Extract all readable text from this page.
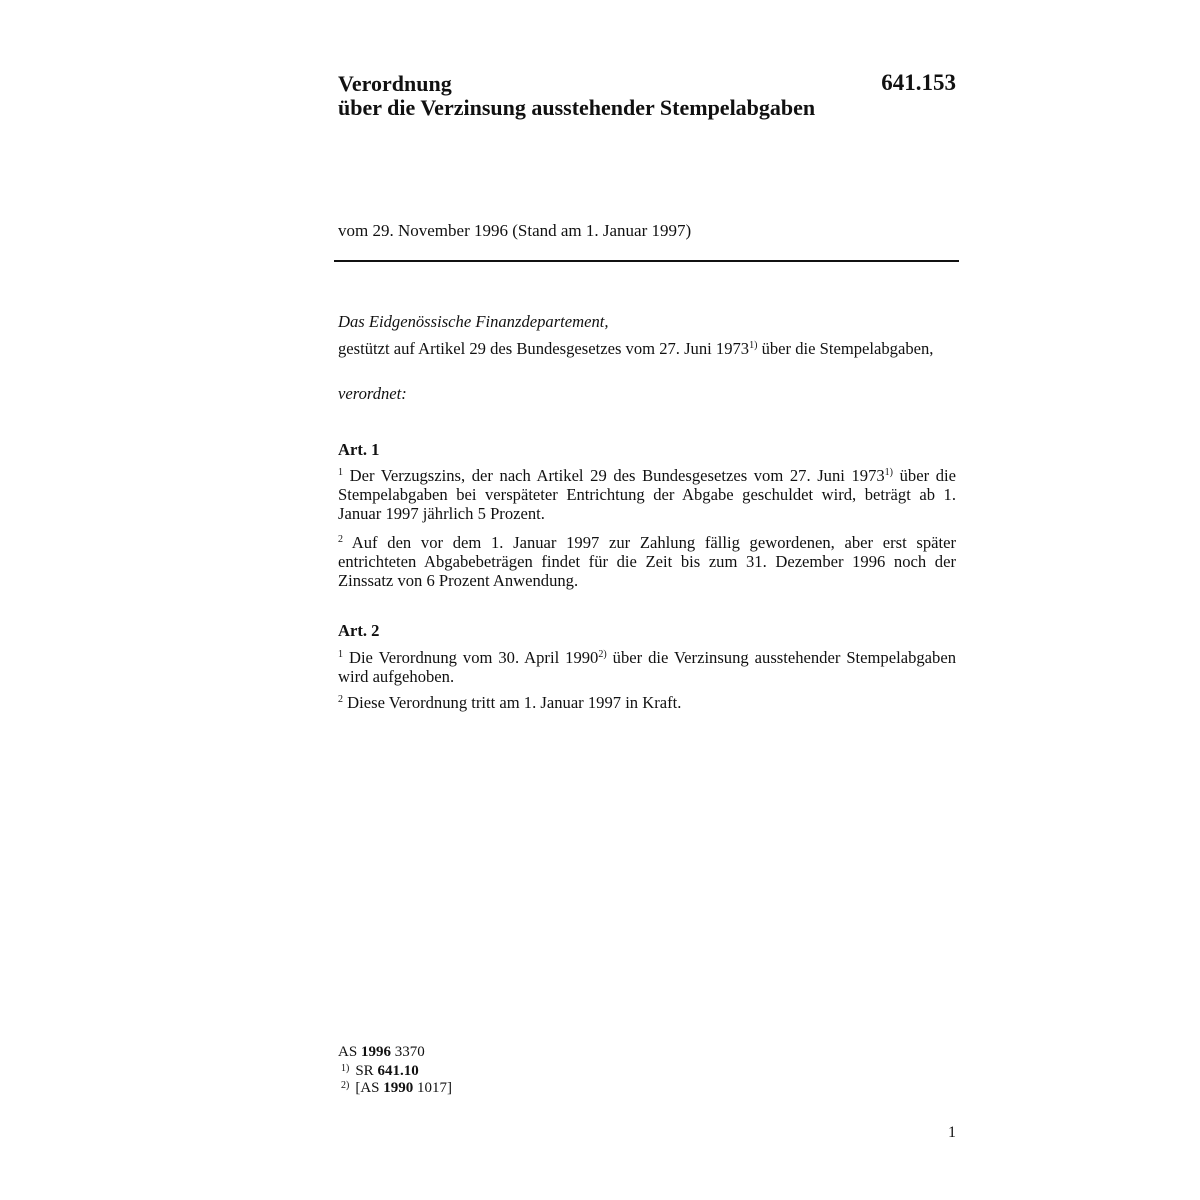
Verordnung
über die Verzinsung ausstehender Stempelabgaben
641.153
vom 29. November 1996 (Stand am 1. Januar 1997)
Das Eidgenössische Finanzdepartement,
gestützt auf Artikel 29 des Bundesgesetzes vom 27. Juni 1973$^{1)}$ über die Stempelabgaben,
verordnet:
Art. 1
$^1$ Der Verzugszins, der nach Artikel 29 des Bundesgesetzes vom 27. Juni 1973$^{1)}$ über die Stempelabgaben bei verspäteter Entrichtung der Abgabe geschuldet wird, beträgt ab 1. Januar 1997 jährlich 5 Prozent.
$^2$ Auf den vor dem 1. Januar 1997 zur Zahlung fällig gewordenen, aber erst später entrichteten Abgabebeträgen findet für die Zeit bis zum 31. Dezember 1996 noch der Zinssatz von 6 Prozent Anwendung.
Art. 2
$^1$ Die Verordnung vom 30. April 1990$^{2)}$ über die Verzinsung ausstehender Stempelabgaben wird aufgehoben.
$^2$ Diese Verordnung tritt am 1. Januar 1997 in Kraft.
AS 1996 3370
$^{1)}$ SR 641.10
$^{2)}$ [AS 1990 1017]
1
